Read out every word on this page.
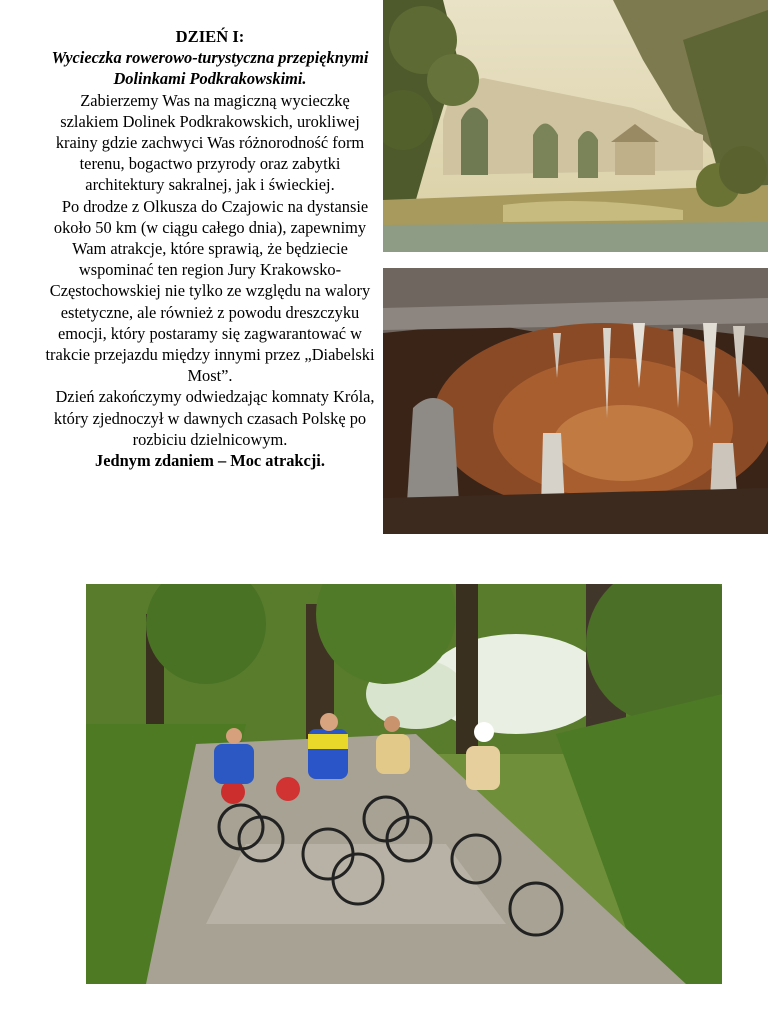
DZIEŃ I:

Wycieczka rowerowo-turystyczna przepięknymi Dolinkami Podkrakowskimi.

Zabierzemy Was na magiczną wycieczkę szlakiem Dolinek Podkrakowskich, urokliwej krainy gdzie zachwyci Was różnorodność form terenu, bogactwo przyrody oraz zabytki architektury sakralnej, jak i świeckiej.

Po drodze z Olkusza do Czajowic na dystansie około 50 km (w ciągu całego dnia), zapewnimy Wam atrakcje, które sprawią, że będziecie wspominać ten region Jury Krakowsko-Częstochowskiej nie tylko ze względu na walory estetyczne, ale również z powodu dreszczyku emocji, który postaramy się zagwarantować w trakcie przejazdu między innymi przez „Diabelski Most”.

Dzień zakończymy odwiedzając komnaty Króla, który zjednoczył w dawnych czasach Polskę po rozbiciu dzielnicowym.

Jednym zdaniem – Moc atrakcji.
